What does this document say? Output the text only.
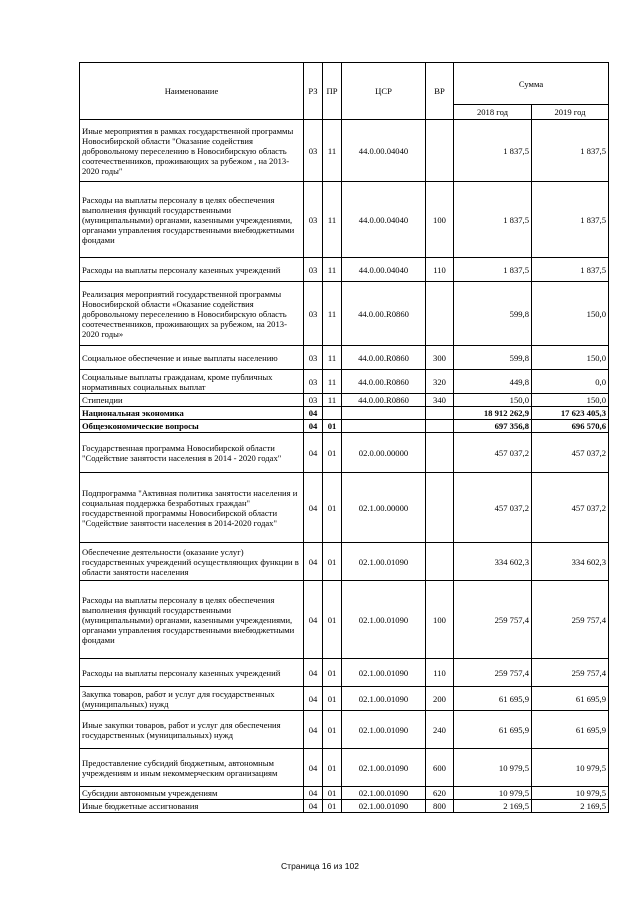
Наименование	РЗ	ПР	ЦСР	ВР	Сумма	
					2018 год	2019 год
Иные мероприятия в рамках государственной программы Новосибирской области "Оказание содействия добровольному переселению в Новосибирскую область соотечественников, проживающих за рубежом , на 2013-2020 годы"	03	11	44.0.00.04040		1 837,5	1 837,5
Расходы на выплаты персоналу в целях обеспечения выполнения функций государственными (муниципальными) органами, казенными учреждениями, органами управления государственными внебюджетными фондами	03	11	44.0.00.04040	100	1 837,5	1 837,5
Расходы на выплаты персоналу казенных учреждений	03	11	44.0.00.04040	110	1 837,5	1 837,5
Реализация мероприятий государственной программы Новосибирской области «Оказание содействия добровольному переселению в Новосибирскую область соотечественников, проживающих за рубежом, на 2013-2020 годы»	03	11	44.0.00.R0860		599,8	150,0
Социальное обеспечение и иные выплаты населению	03	11	44.0.00.R0860	300	599,8	150,0
Социальные выплаты гражданам, кроме публичных нормативных социальных выплат	03	11	44.0.00.R0860	320	449,8	0,0
Стипендии	03	11	44.0.00.R0860	340	150,0	150,0
Национальная экономика	04				18 912 262,9	17 623 405,3
Общеэкономические вопросы	04	01			697 356,8	696 570,6
Государственная программа Новосибирской области "Содействие занятости населения в 2014 - 2020 годах"	04	01	02.0.00.00000		457 037,2	457 037,2
Подпрограмма "Активная политика занятости населения и социальная поддержка безработных граждан" государственной программы Новосибирской области "Содействие занятости населения в 2014-2020 годах"	04	01	02.1.00.00000		457 037,2	457 037,2
Обеспечение деятельности (оказание услуг) государственных учреждений осуществляющих функции в области занятости населения	04	01	02.1.00.01090		334 602,3	334 602,3
Расходы на выплаты персоналу в целях обеспечения выполнения функций государственными (муниципальными) органами, казенными учреждениями, органами управления государственными внебюджетными фондами	04	01	02.1.00.01090	100	259 757,4	259 757,4
Расходы на выплаты персоналу казенных учреждений	04	01	02.1.00.01090	110	259 757,4	259 757,4
Закупка товаров, работ и услуг для государственных (муниципальных) нужд	04	01	02.1.00.01090	200	61 695,9	61 695,9
Иные закупки товаров, работ и услуг для обеспечения государственных (муниципальных) нужд	04	01	02.1.00.01090	240	61 695,9	61 695,9
Предоставление субсидий бюджетным, автономным учреждениям и иным некоммерческим организациям	04	01	02.1.00.01090	600	10 979,5	10 979,5
Субсидии автономным учреждениям	04	01	02.1.00.01090	620	10 979,5	10 979,5
Иные бюджетные ассигнования	04	01	02.1.00.01090	800	2 169,5	2 169,5
Страница 16 из 102
